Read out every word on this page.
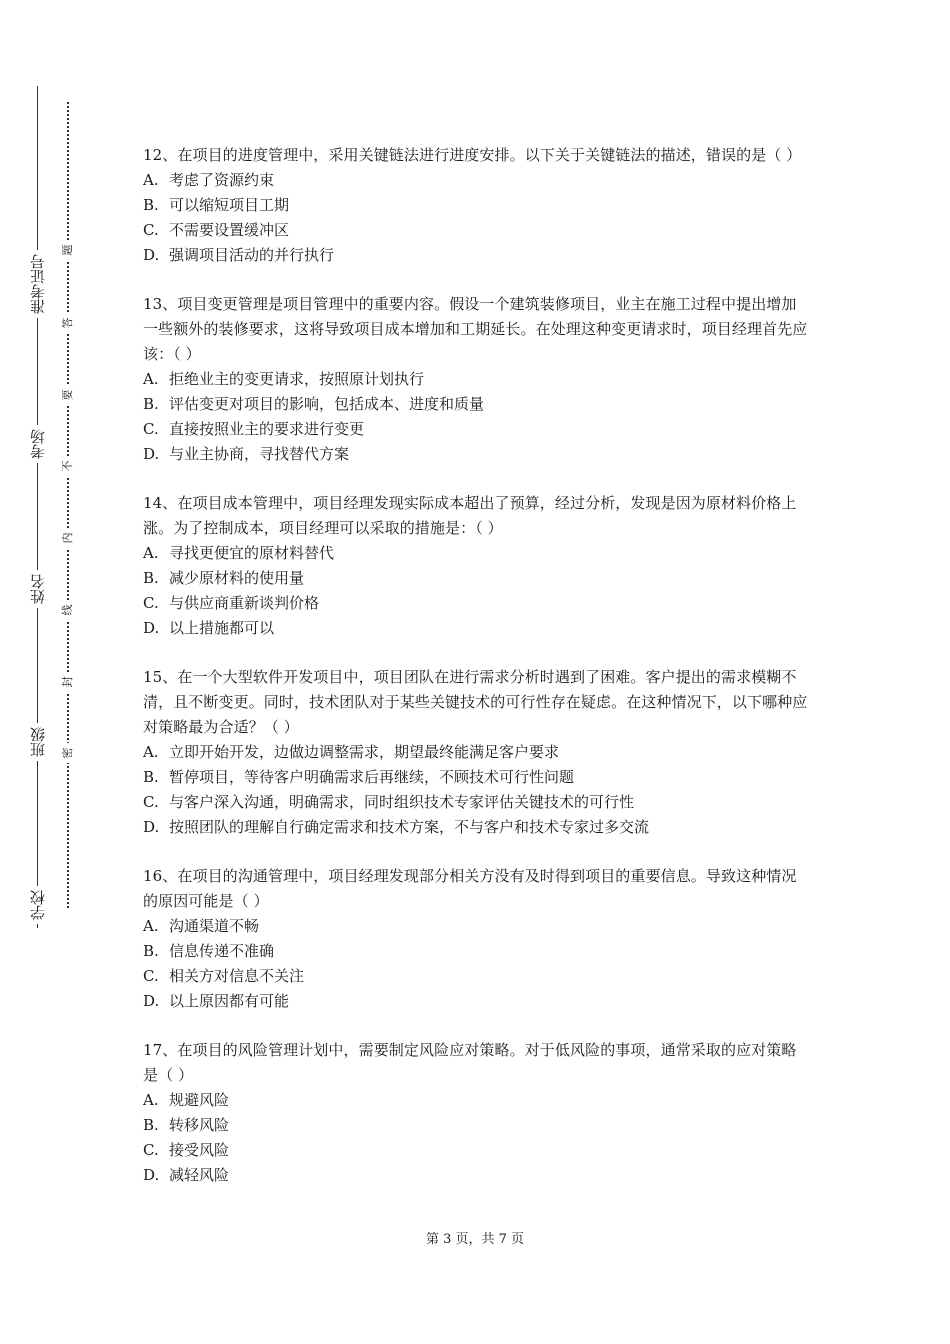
准考证号
考场
姓名
班级
学校
题
答
要
不
内
线
封
密

12、在项目的进度管理中，采用关键链法进行进度安排。以下关于关键链法的描述，错误的是（ ）

A. 考虑了资源约束

B. 可以缩短项目工期

C. 不需要设置缓冲区

D. 强调项目活动的并行执行

13、项目变更管理是项目管理中的重要内容。假设一个建筑装修项目，业主在施工过程中提出增加一些额外的装修要求，这将导致项目成本增加和工期延长。在处理这种变更请求时，项目经理首先应该：（ ）

A. 拒绝业主的变更请求，按照原计划执行

B. 评估变更对项目的影响，包括成本、进度和质量

C. 直接按照业主的要求进行变更

D. 与业主协商，寻找替代方案

14、在项目成本管理中，项目经理发现实际成本超出了预算，经过分析，发现是因为原材料价格上涨。为了控制成本，项目经理可以采取的措施是：（ ）

A. 寻找更便宜的原材料替代

B. 减少原材料的使用量

C. 与供应商重新谈判价格

D. 以上措施都可以

15、在一个大型软件开发项目中，项目团队在进行需求分析时遇到了困难。客户提出的需求模糊不清，且不断变更。同时，技术团队对于某些关键技术的可行性存在疑虑。在这种情况下，以下哪种应对策略最为合适？（ ）

A. 立即开始开发，边做边调整需求，期望最终能满足客户要求

B. 暂停项目，等待客户明确需求后再继续，不顾技术可行性问题

C. 与客户深入沟通，明确需求，同时组织技术专家评估关键技术的可行性

D. 按照团队的理解自行确定需求和技术方案，不与客户和技术专家过多交流

16、在项目的沟通管理中，项目经理发现部分相关方没有及时得到项目的重要信息。导致这种情况的原因可能是（ ）

A. 沟通渠道不畅

B. 信息传递不准确

C. 相关方对信息不关注

D. 以上原因都有可能

17、在项目的风险管理计划中，需要制定风险应对策略。对于低风险的事项，通常采取的应对策略是（ ）

A. 规避风险

B. 转移风险

C. 接受风险

D. 减轻风险

第 3 页，共 7 页
